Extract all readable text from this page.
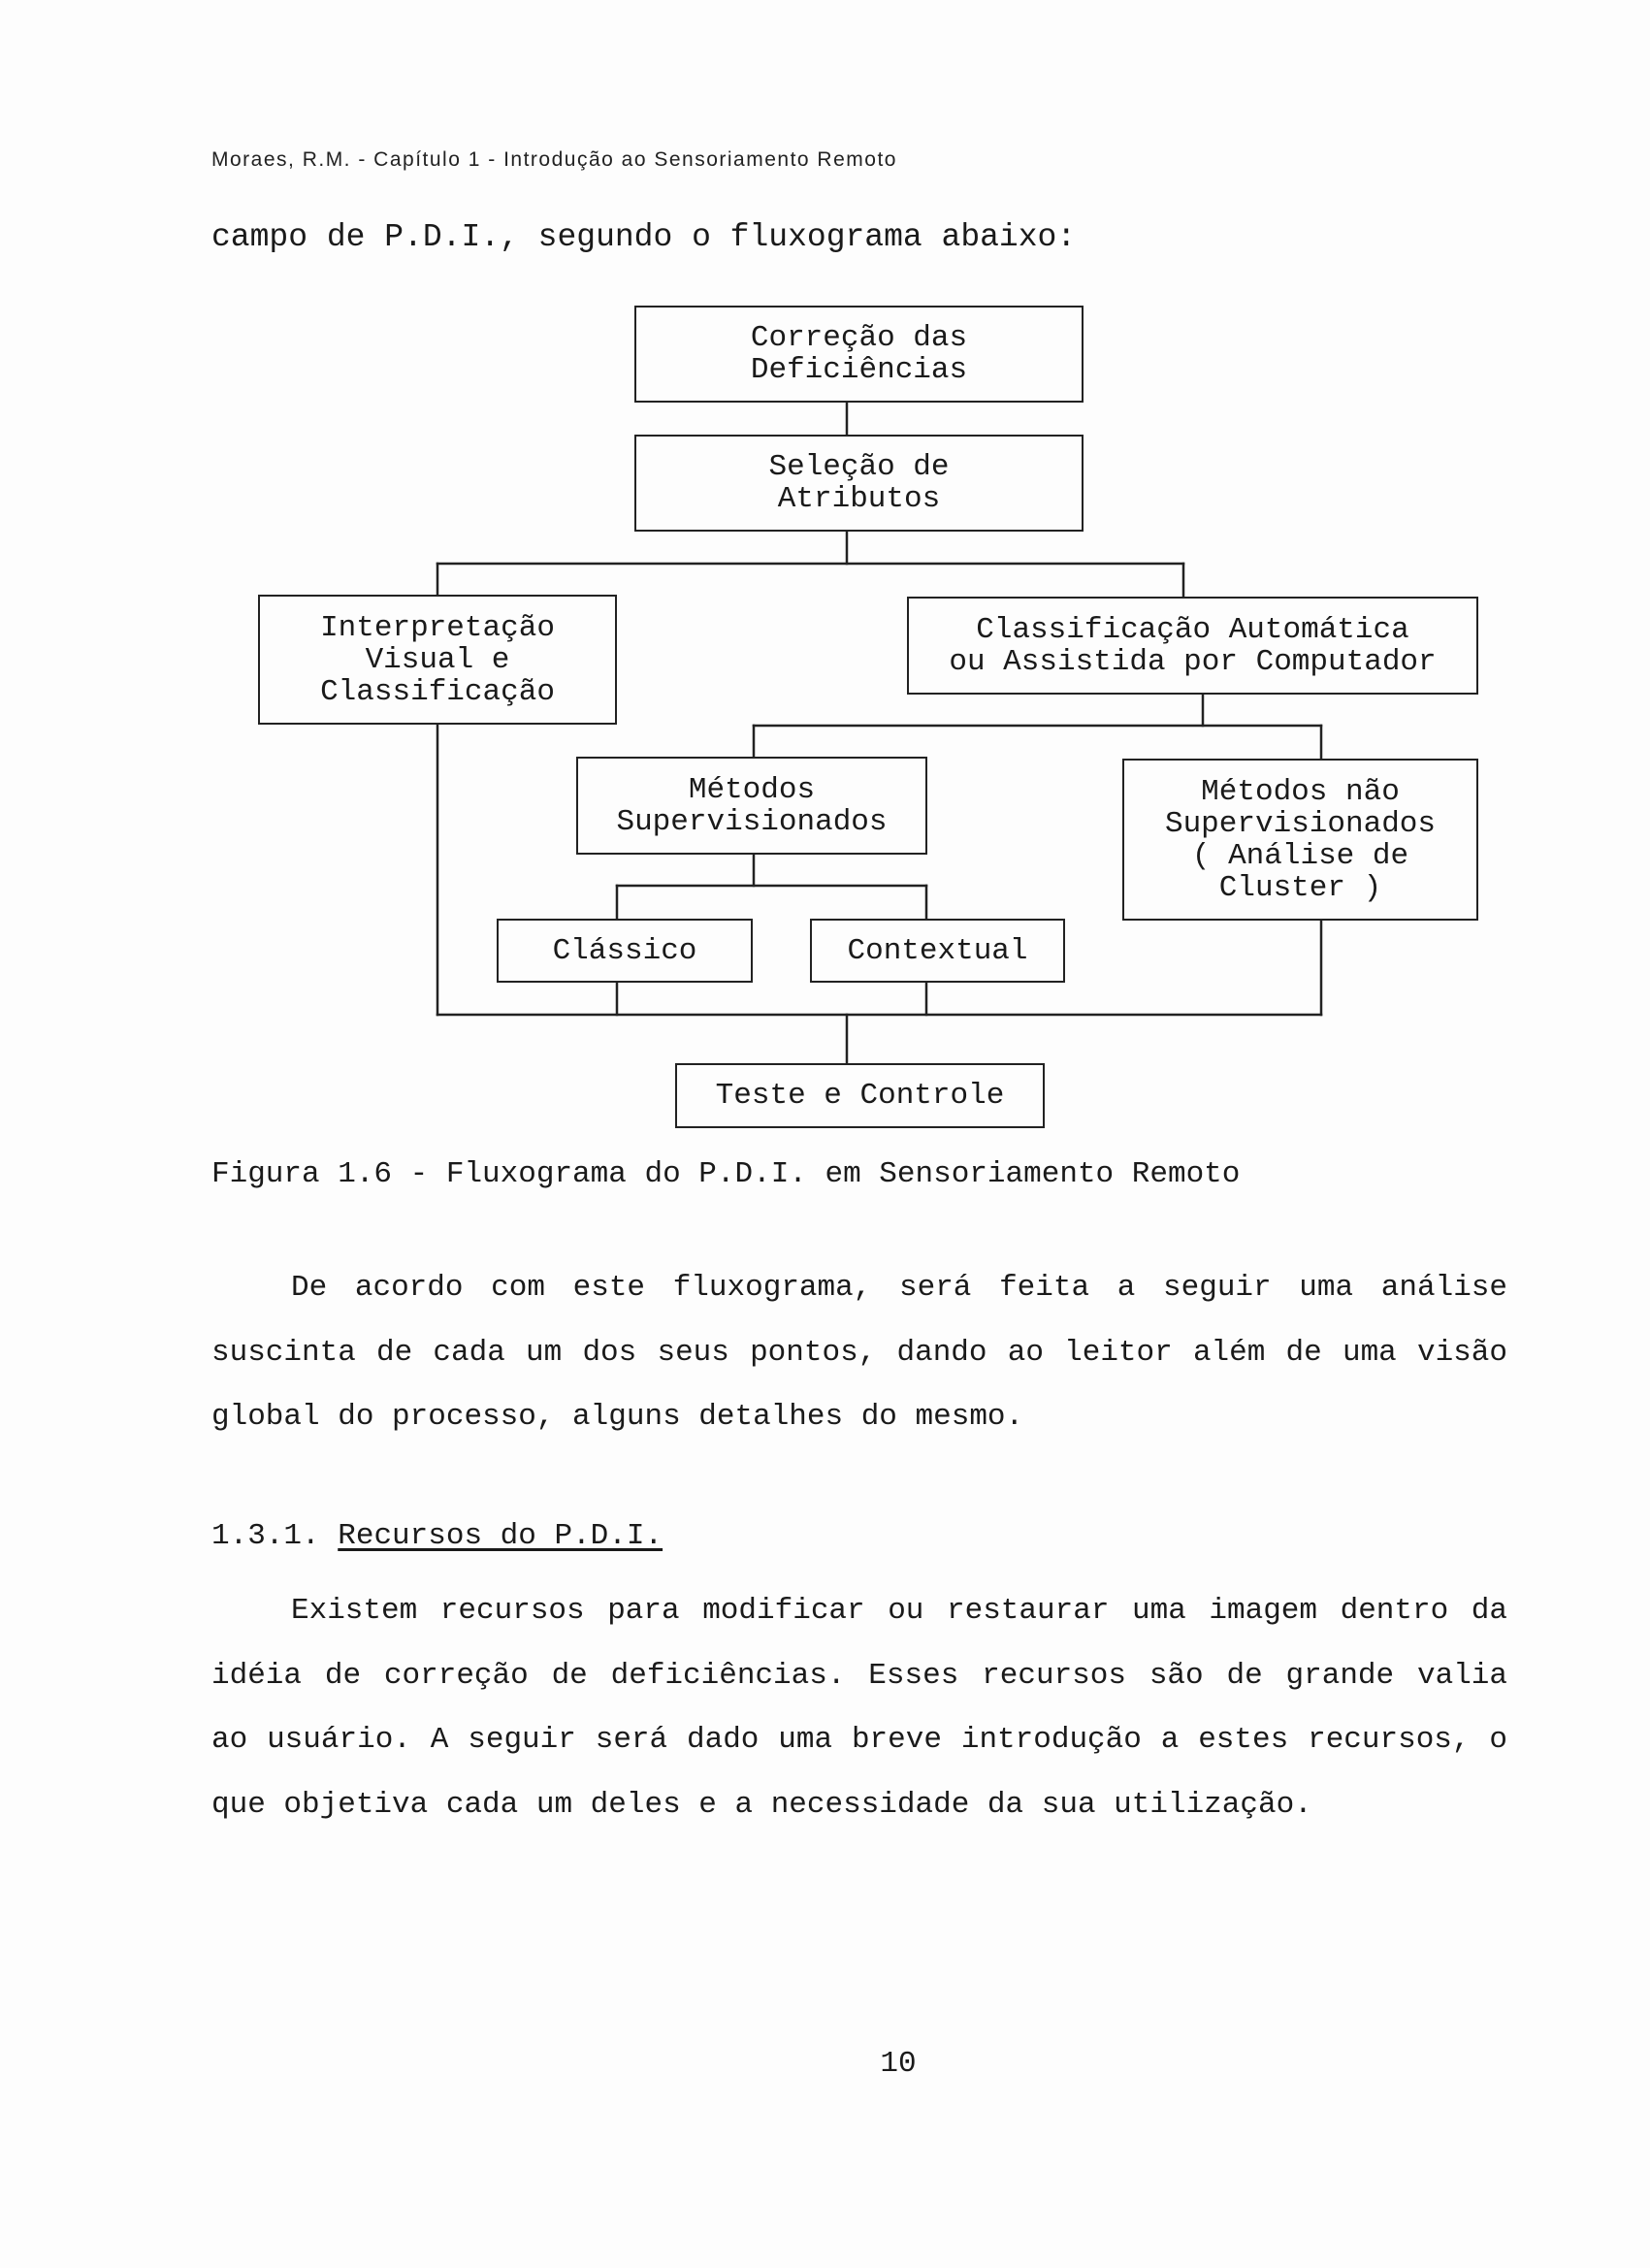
Moraes, R.M. - Capítulo 1 - Introdução ao Sensoriamento Remoto
campo de P.D.I., segundo o fluxograma abaixo:
Correção das
Deficiências
Seleção de
Atributos
Interpretação
Visual e
Classificação
Classificação Automática
ou Assistida por Computador
Métodos
Supervisionados
Métodos não
Supervisionados
( Análise de
Cluster )
Clássico	Contextual
Teste e Controle
Figura 1.6 - Fluxograma do P.D.I. em Sensoriamento Remoto
De acordo com este fluxograma, será feita a seguir uma análise suscinta de cada um dos seus pontos, dando ao leitor além de uma visão global do processo, alguns detalhes do mesmo.
1.3.1. Recursos do P.D.I.
Existem recursos para modificar ou restaurar uma imagem dentro da idéia de correção de deficiências. Esses recursos são de grande valia ao usuário. A seguir será dado uma breve introdução a estes recursos, o que objetiva cada um deles e a necessidade da sua utilização.
10
